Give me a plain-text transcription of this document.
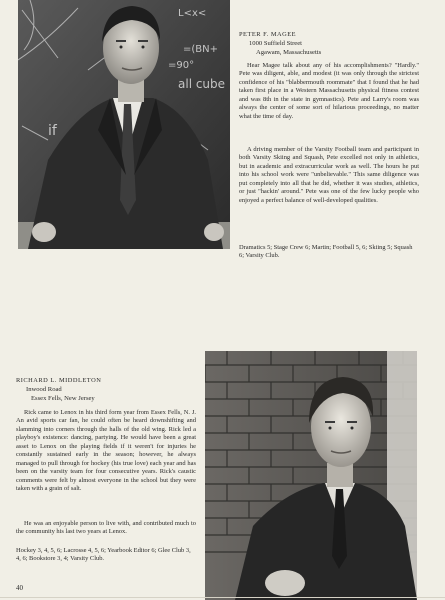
L<x<
=(BN+
=90°
all cube
if
PETER F. MAGEE
1000 Suffield Street
Agawam, Massachusetts

Hear Magee talk about any of his accomplishments? "Hardly." Pete was diligent, able, and modest (it was only through the strictest confidence of his "blabbermouth roommate" that I found that he had taken first place in a Western Massachusetts physical fitness contest and was 8th in the state in gymnastics). Pete and Larry's room was always the center of some sort of hilarious proceedings, no matter what the time of day.

A driving member of the Varsity Football team and participant in both Varsity Skiing and Squash, Pete excelled not only in athletics, but in academic and extracurricular work as well. The hours he put into his school work were "unbelievable." This same diligence was put completely into all that he did, whether it was studies, athletics, or just "hackin' around." Pete was one of the few lucky people who enjoyed a perfect balance of well-developed qualities.

Dramatics 5; Stage Crew 6; Martin; Football 5, 6; Skiing 5; Squash 6; Varsity Club.

RICHARD L. MIDDLETON
Inwood Road
Essex Fells, New Jersey

Rick came to Lenox in his third form year from Essex Fells, N. J. An avid sports car fan, he could often be heard downshifting and slamming into corners through the halls of the old wing. Rick led a playboy's existence: dancing, partying. He would have been a great asset to Lenox on the playing fields if it weren't for injuries he constantly sustained early in the season; however, he always managed to pull through for hockey (his true love) each year and has been on the varsity team for four consecutive years. Rick's caustic comments were felt by almost everyone in the school but they were taken with a grain of salt.

He was an enjoyable person to live with, and contributed much to the community his last two years at Lenox.

Hockey 3, 4, 5, 6; Lacrosse 4, 5, 6; Yearbook Editor 6; Glee Club 3, 4, 6; Bookstore 3, 4; Varsity Club.

40
